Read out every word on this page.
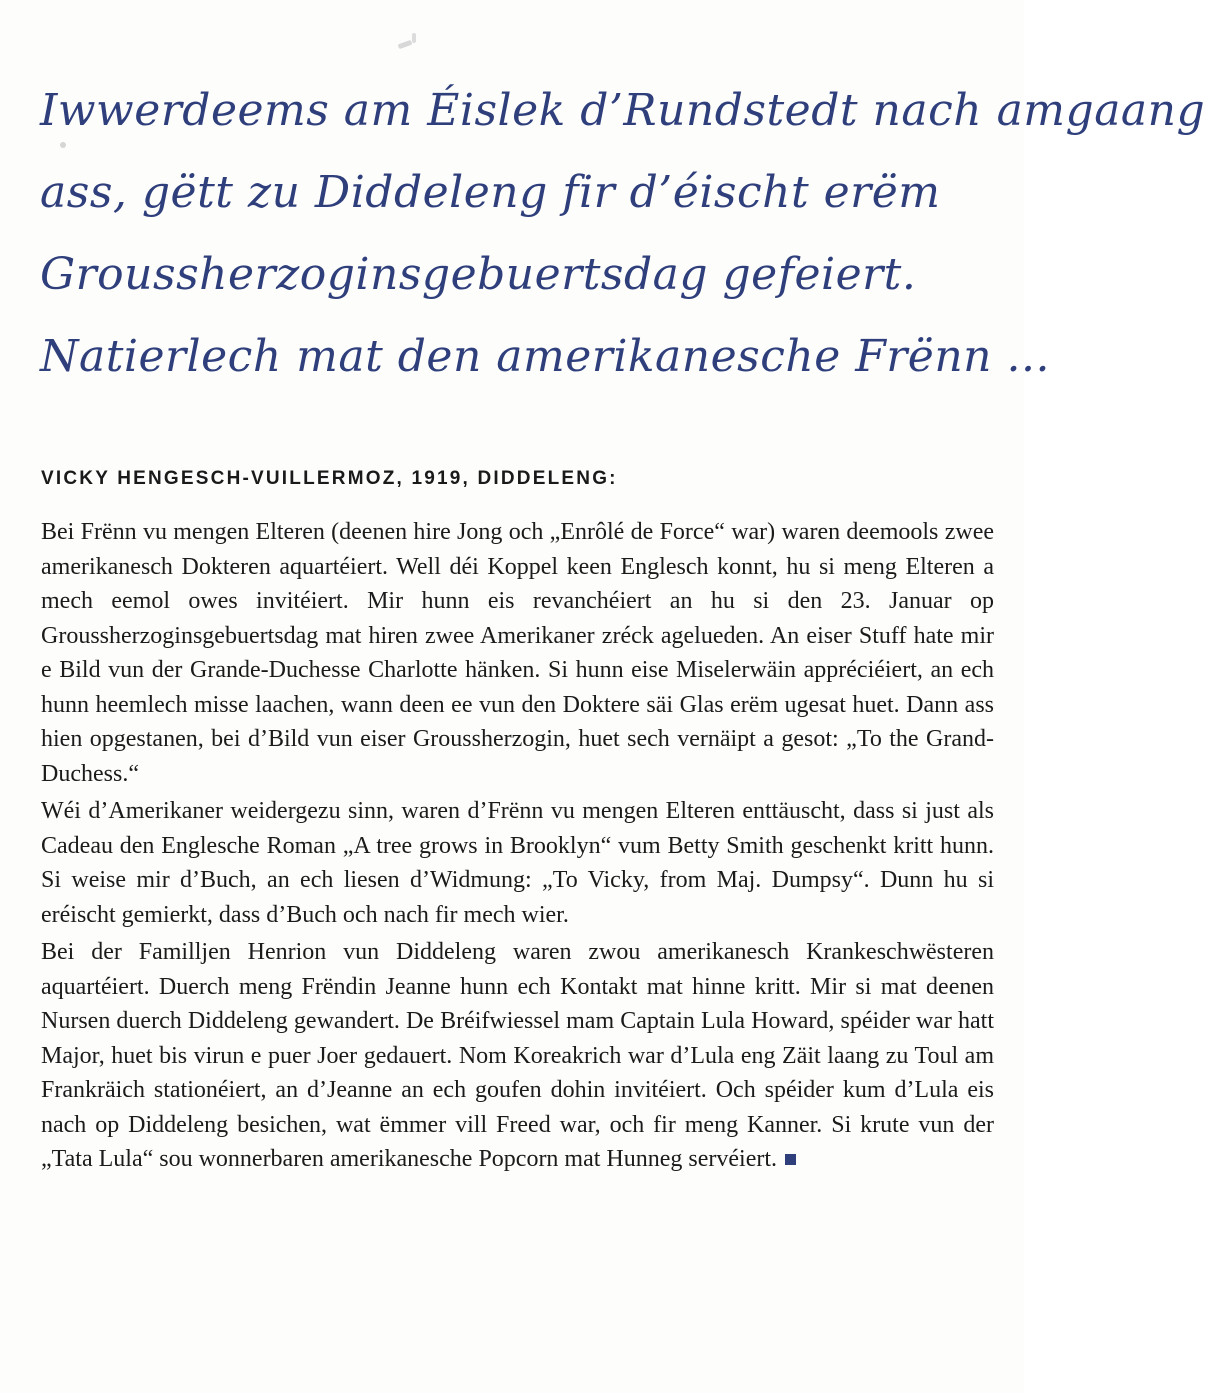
Iwwerdeems am Éislek d’Rundstedt nach amgaang
ass, gëtt zu Diddeleng fir d’éischt erëm
Groussherzoginsgebuertsdag gefeiert.
Natierlech mat den amerikanesche Frënn ...
VICKY HENGESCH-VUILLERMOZ, 1919, DIDDELENG:

Bei Frënn vu mengen Elteren (deenen hire Jong och „Enrôlé de Force“ war) waren deemools zwee amerikanesch Dokteren aquartéiert. Well déi Koppel keen Englesch konnt, hu si meng Elteren a mech eemol owes invitéiert. Mir hunn eis revanchéiert an hu si den 23. Januar op Groussherzoginsgebuertsdag mat hiren zwee Amerikaner zréck agelueden. An eiser Stuff hate mir e Bild vun der Grande-Duchesse Charlotte hänken. Si hunn eise Miselerwäin appréciéiert, an ech hunn heemlech misse laachen, wann deen ee vun den Doktere säi Glas erëm ugesat huet. Dann ass hien opgestanen, bei d’Bild vun eiser Groussherzogin, huet sech vernäipt a gesot: „To the Grand-Duchess.“

Wéi d’Amerikaner weidergezu sinn, waren d’Frënn vu mengen Elteren enttäuscht, dass si just als Cadeau den Englesche Roman „A tree grows in Brooklyn“ vum Betty Smith geschenkt kritt hunn. Si weise mir d’Buch, an ech liesen d’Widmung: „To Vicky, from Maj. Dumpsy“. Dunn hu si eréischt gemierkt, dass d’Buch och nach fir mech wier.

Bei der Familljen Henrion vun Diddeleng waren zwou amerikanesch Krankeschwësteren aquartéiert. Duerch meng Frëndin Jeanne hunn ech Kontakt mat hinne kritt. Mir si mat deenen Nursen duerch Diddeleng gewandert. De Bréifwiessel mam Captain Lula Howard, spéider war hatt Major, huet bis virun e puer Joer gedauert. Nom Koreakrich war d’Lula eng Zäit laang zu Toul am Frankräich stationéiert, an d’Jeanne an ech goufen dohin invitéiert. Och spéider kum d’Lula eis nach op Diddeleng besichen, wat ëmmer vill Freed war, och fir meng Kanner. Si krute vun der „Tata Lula“ sou wonnerbaren amerikanesche Popcorn mat Hunneg servéiert.
